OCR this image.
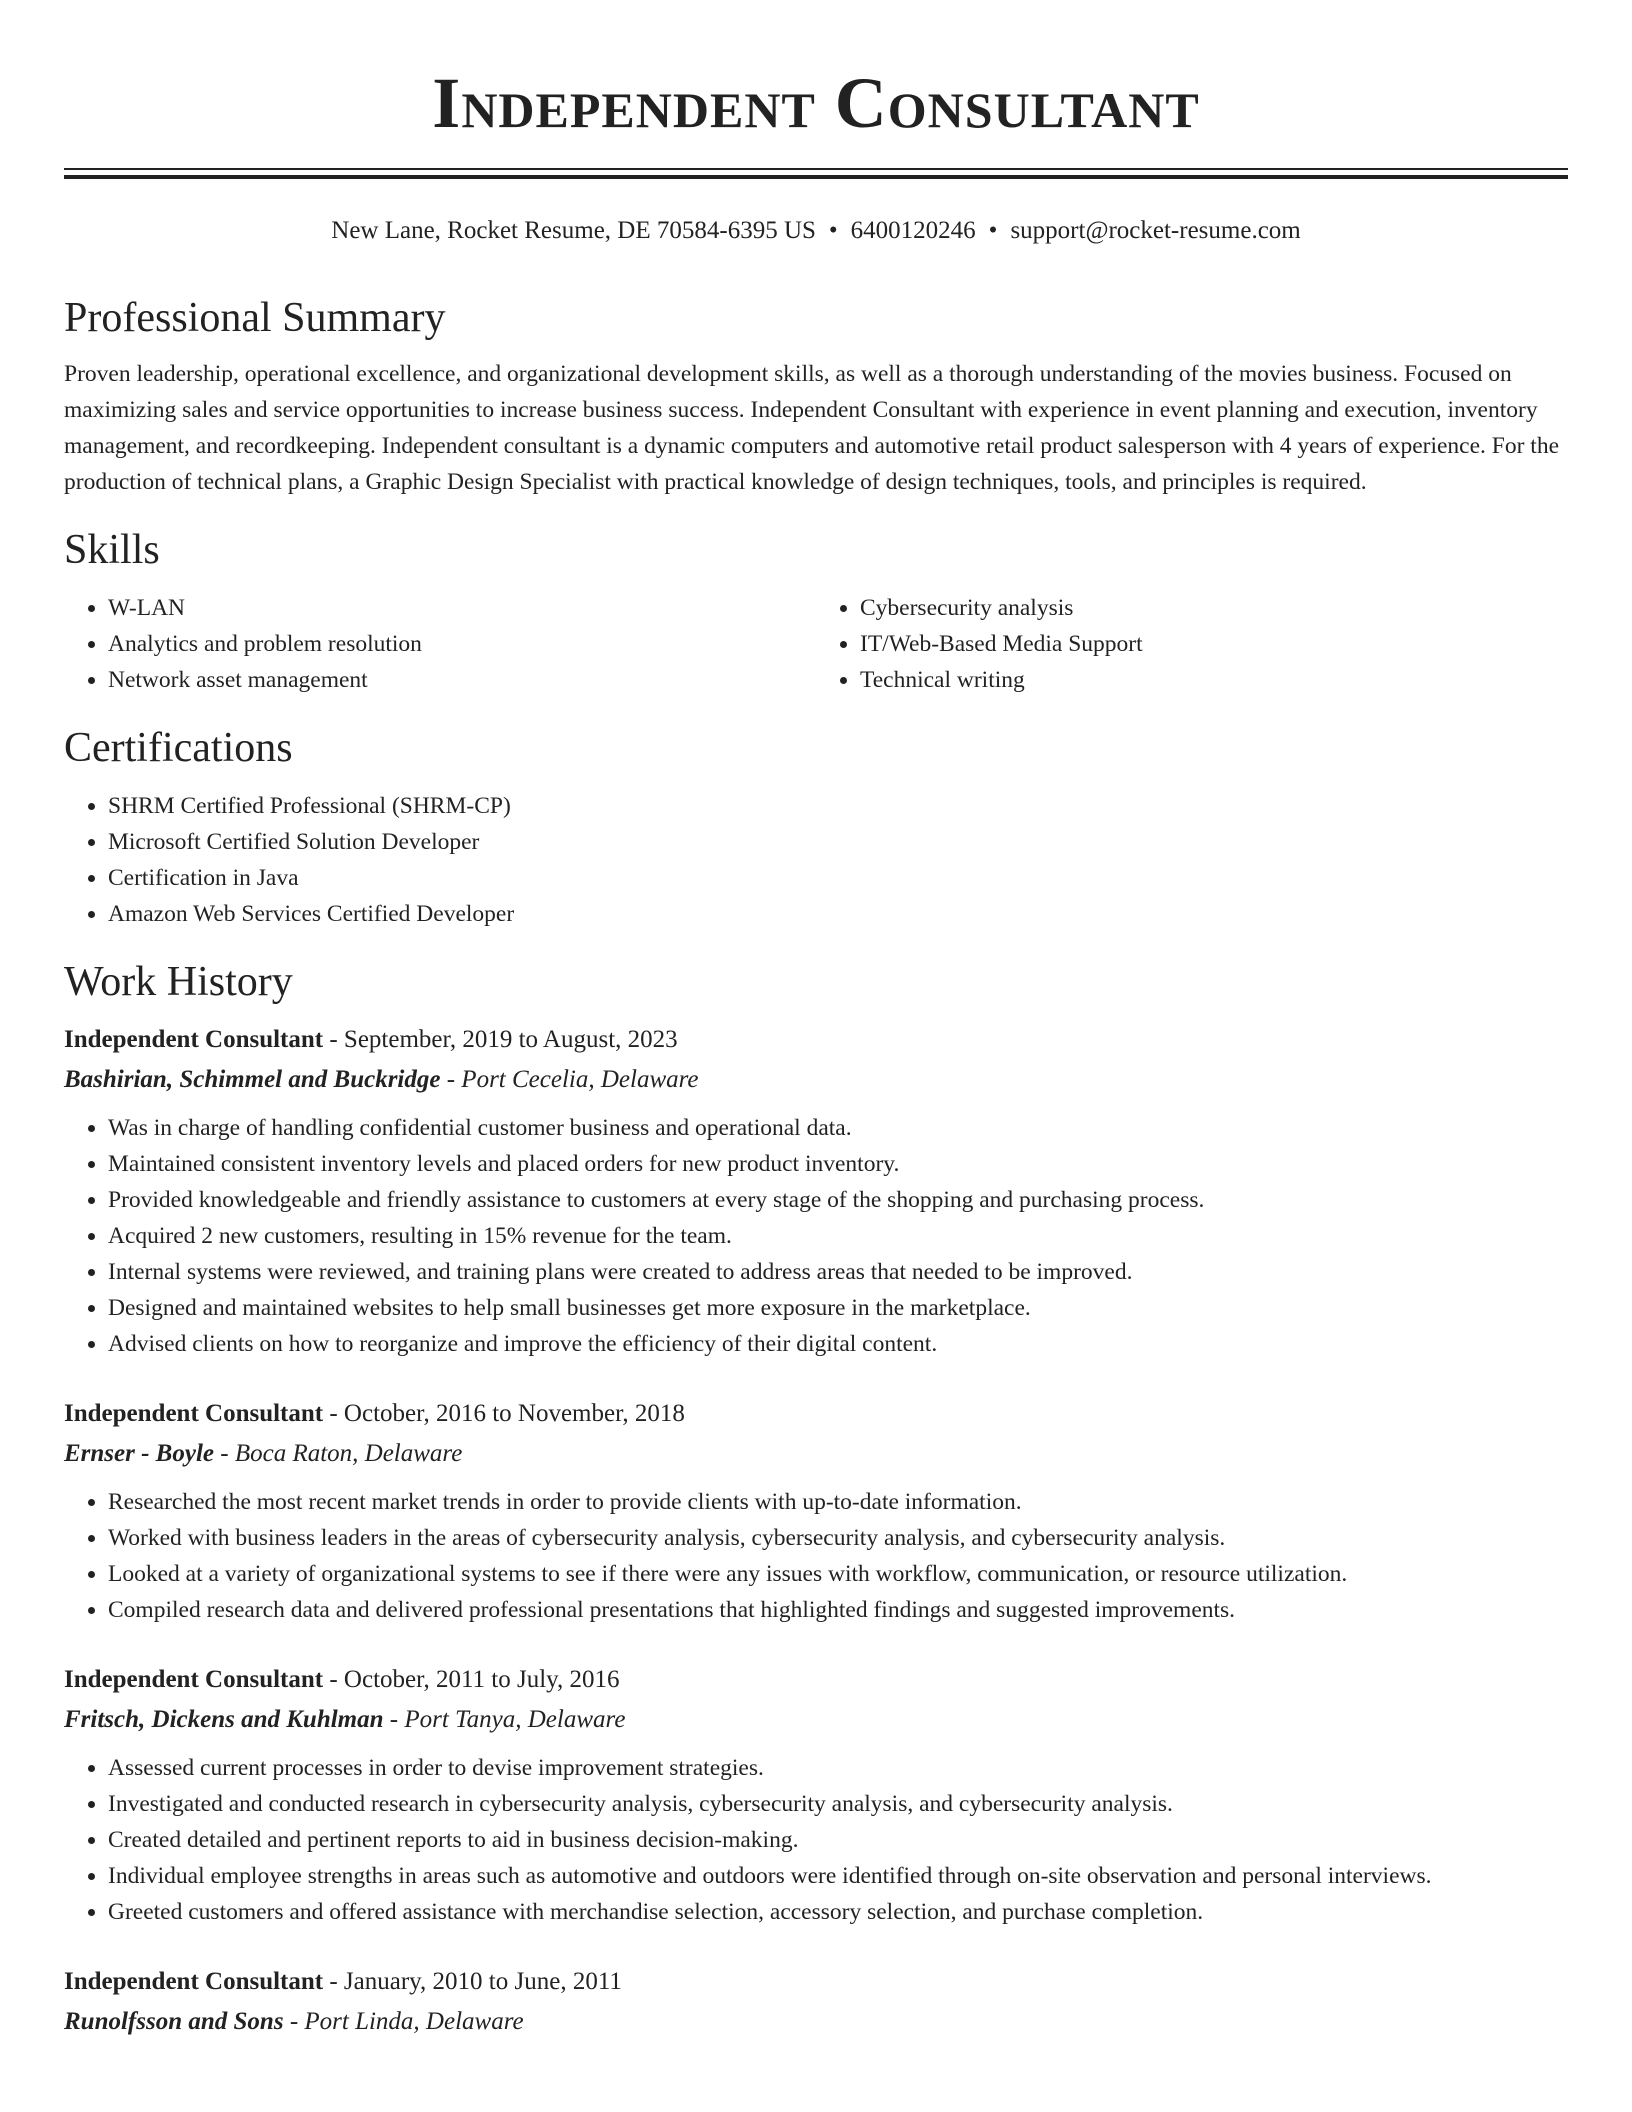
Independent Consultant
New Lane, Rocket Resume, DE 70584-6395 US • 6400120246 • support@rocket-resume.com
Professional Summary

Proven leadership, operational excellence, and organizational development skills, as well as a thorough understanding of the movies business. Focused on maximizing sales and service opportunities to increase business success. Independent Consultant with experience in event planning and execution, inventory management, and recordkeeping. Independent consultant is a dynamic computers and automotive retail product salesperson with 4 years of experience. For the production of technical plans, a Graphic Design Specialist with practical knowledge of design techniques, tools, and principles is required.

Skills
• W-LAN
• Analytics and problem resolution
• Network asset management
• Cybersecurity analysis
• IT/Web-Based Media Support
• Technical writing
Certifications
• SHRM Certified Professional (SHRM-CP)
• Microsoft Certified Solution Developer
• Certification in Java
• Amazon Web Services Certified Developer
Work History
Independent Consultant - September, 2019 to August, 2023
Bashirian, Schimmel and Buckridge - Port Cecelia, Delaware
• Was in charge of handling confidential customer business and operational data.
• Maintained consistent inventory levels and placed orders for new product inventory.
• Provided knowledgeable and friendly assistance to customers at every stage of the shopping and purchasing process.
• Acquired 2 new customers, resulting in 15% revenue for the team.
• Internal systems were reviewed, and training plans were created to address areas that needed to be improved.
• Designed and maintained websites to help small businesses get more exposure in the marketplace.
• Advised clients on how to reorganize and improve the efficiency of their digital content.
Independent Consultant - October, 2016 to November, 2018
Ernser - Boyle - Boca Raton, Delaware
• Researched the most recent market trends in order to provide clients with up-to-date information.
• Worked with business leaders in the areas of cybersecurity analysis, cybersecurity analysis, and cybersecurity analysis.
• Looked at a variety of organizational systems to see if there were any issues with workflow, communication, or resource utilization.
• Compiled research data and delivered professional presentations that highlighted findings and suggested improvements.
Independent Consultant - October, 2011 to July, 2016
Fritsch, Dickens and Kuhlman - Port Tanya, Delaware
• Assessed current processes in order to devise improvement strategies.
• Investigated and conducted research in cybersecurity analysis, cybersecurity analysis, and cybersecurity analysis.
• Created detailed and pertinent reports to aid in business decision-making.
• Individual employee strengths in areas such as automotive and outdoors were identified through on-site observation and personal interviews.
• Greeted customers and offered assistance with merchandise selection, accessory selection, and purchase completion.
Independent Consultant - January, 2010 to June, 2011
Runolfsson and Sons - Port Linda, Delaware
